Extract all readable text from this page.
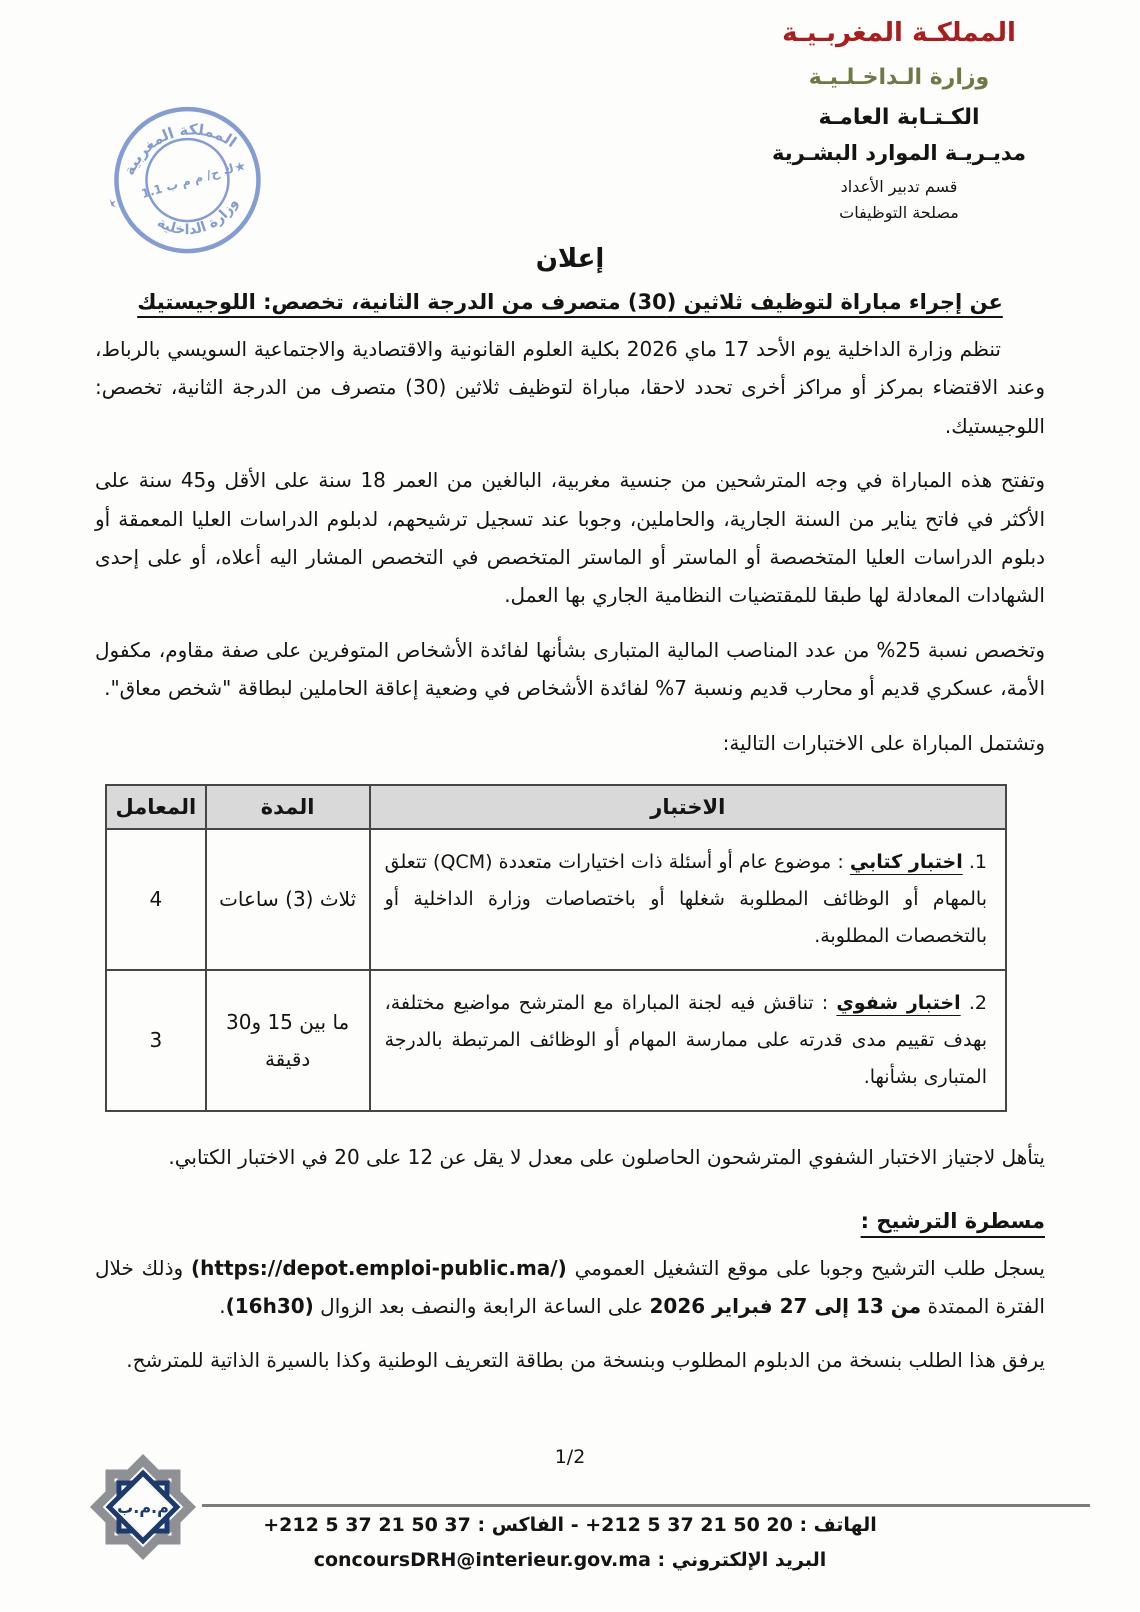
المملكـة المغربـيـة
وزارة الـداخـلـيـة
الكـتـابة العامـة
مديـريـة الموارد البشـرية
قسم تدبير الأعداد
مصلحة التوظيفات
المملكة المغربية
وزارة الداخلية
ك ح/ م م ب 1.1
★
★
إعلان
عن إجراء مباراة لتوظيف ثلاثين (30) متصرف من الدرجة الثانية، تخصص: اللوجيستيك

تنظم وزارة الداخلية يوم الأحد 17 ماي 2026 بكلية العلوم القانونية والاقتصادية والاجتماعية السويسي بالرباط، وعند الاقتضاء بمركز أو مراكز أخرى تحدد لاحقا، مباراة لتوظيف ثلاثين (30) متصرف من الدرجة الثانية، تخصص: اللوجيستيك.

وتفتح هذه المباراة في وجه المترشحين من جنسية مغربية، البالغين من العمر 18 سنة على الأقل و45 سنة على الأكثر في فاتح يناير من السنة الجارية، والحاملين، وجوبا عند تسجيل ترشيحهم، لدبلوم الدراسات العليا المعمقة أو دبلوم الدراسات العليا المتخصصة أو الماستر أو الماستر المتخصص في التخصص المشار اليه أعلاه، أو على إحدى الشهادات المعادلة لها طبقا للمقتضيات النظامية الجاري بها العمل.

وتخصص نسبة 25% من عدد المناصب المالية المتبارى بشأنها لفائدة الأشخاص المتوفرين على صفة مقاوم، مكفول الأمة، عسكري قديم أو محارب قديم ونسبة 7% لفائدة الأشخاص في وضعية إعاقة الحاملين لبطاقة "شخص معاق".

وتشتمل المباراة على الاختبارات التالية:

الاختبار	المدة	المعامل
1. اختبار كتابي : موضوع عام أو أسئلة ذات اختيارات متعددة (QCM) تتعلق بالمهام أو الوظائف المطلوبة شغلها أو باختصاصات وزارة الداخلية أو بالتخصصات المطلوبة.	ثلاث (3) ساعات	4
2. اختبار شفوي : تناقش فيه لجنة المباراة مع المترشح مواضيع مختلفة، بهدف تقييم مدى قدرته على ممارسة المهام أو الوظائف المرتبطة بالدرجة المتبارى بشأنها.	ما بين 15 و30 دقيقة	3

يتأهل لاجتياز الاختبار الشفوي المترشحون الحاصلون على معدل لا يقل عن 12 على 20 في الاختبار الكتابي.

مسطرة الترشيح :

يسجل طلب الترشيح وجوبا على موقع التشغيل العمومي (https://depot.emploi-public.ma/) وذلك خلال الفترة الممتدة من 13 إلى 27 فبراير 2026 على الساعة الرابعة والنصف بعد الزوال (16h30).

يرفق هذا الطلب بنسخة من الدبلوم المطلوب وبنسخة من بطاقة التعريف الوطنية وكذا بالسيرة الذاتية للمترشح.

1/2
م.م.ب
الهاتف : +212 5 37 21 50 20 - الفاكس : +212 5 37 21 50 37
البريد الإلكتروني : concoursDRH@interieur.gov.ma
